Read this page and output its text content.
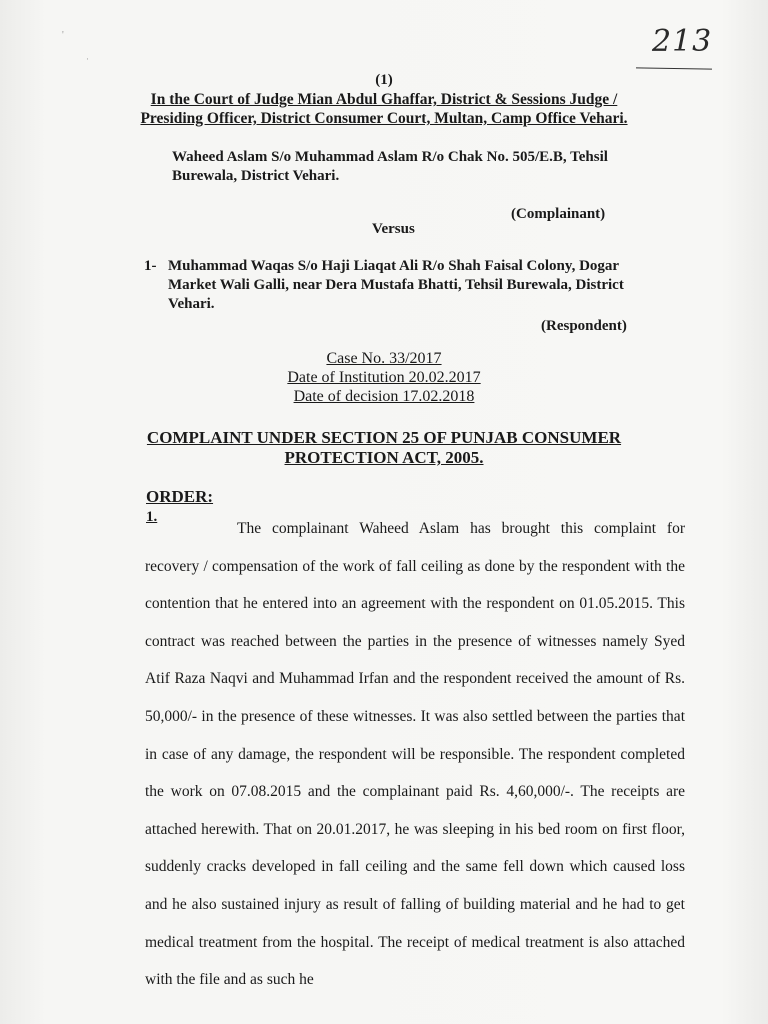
'
·	213
(1)
In the Court of Judge Mian Abdul Ghaffar, District & Sessions Judge /
Presiding Officer, District Consumer Court, Multan, Camp Office Vehari.
Waheed Aslam S/o Muhammad Aslam R/o Chak No. 505/E.B, Tehsil Burewala, District Vehari.
(Complainant)
Versus
1- Muhammad Waqas S/o Haji Liaqat Ali R/o Shah Faisal Colony, Dogar Market Wali Galli, near Dera Mustafa Bhatti, Tehsil Burewala, District Vehari.
(Respondent)
Case No. 33/2017
Date of Institution 20.02.2017
Date of decision 17.02.2018
COMPLAINT UNDER SECTION 25 OF PUNJAB CONSUMER
PROTECTION ACT, 2005.
ORDER:
1.
The complainant Waheed Aslam has brought this complaint for recovery / compensation of the work of fall ceiling as done by the respondent with the contention that he entered into an agreement with the respondent on 01.05.2015. This contract was reached between the parties in the presence of witnesses namely Syed Atif Raza Naqvi and Muhammad Irfan and the respondent received the amount of Rs. 50,000/- in the presence of these witnesses. It was also settled between the parties that in case of any damage, the respondent will be responsible. The respondent completed the work on 07.08.2015 and the complainant paid Rs. 4,60,000/-. The receipts are attached herewith. That on 20.01.2017, he was sleeping in his bed room on first floor, suddenly cracks developed in fall ceiling and the same fell down which caused loss and he also sustained injury as result of falling of building material and he had to get medical treatment from the hospital. The receipt of medical treatment is also attached with the file and as such he
